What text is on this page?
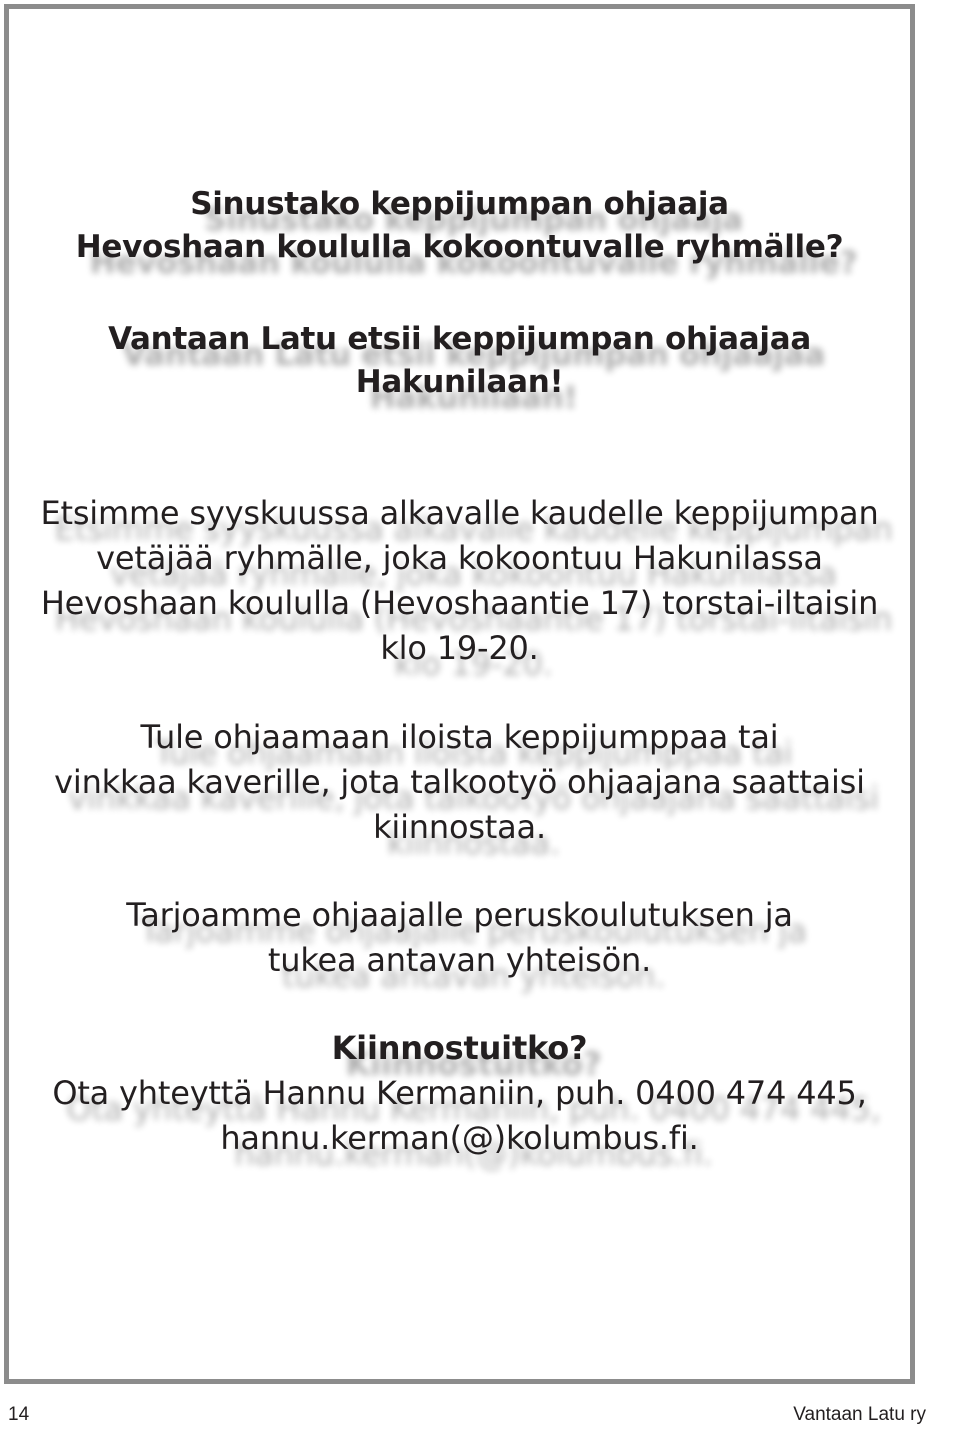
Sinustako keppijumpan ohjaaja
Hevoshaan koululla kokoontuvalle ryhmälle?
Vantaan Latu etsii keppijumpan ohjaajaa
Hakunilaan!
Etsimme syyskuussa alkavalle kaudelle keppijumpan
vetäjää ryhmälle, joka kokoontuu Hakunilassa
Hevoshaan koululla (Hevoshaantie 17) torstai-iltaisin
klo 19-20.
Tule ohjaamaan iloista keppijumppaa tai
vinkkaa kaverille, jota talkootyö ohjaajana saattaisi
kiinnostaa.
Tarjoamme ohjaajalle peruskoulutuksen ja
tukea antavan yhteisön.
Kiinnostuitko?
Ota yhteyttä Hannu Kermaniin, puh. 0400 474 445,
hannu.kerman(@)kolumbus.fi.
14	Vantaan Latu ry
